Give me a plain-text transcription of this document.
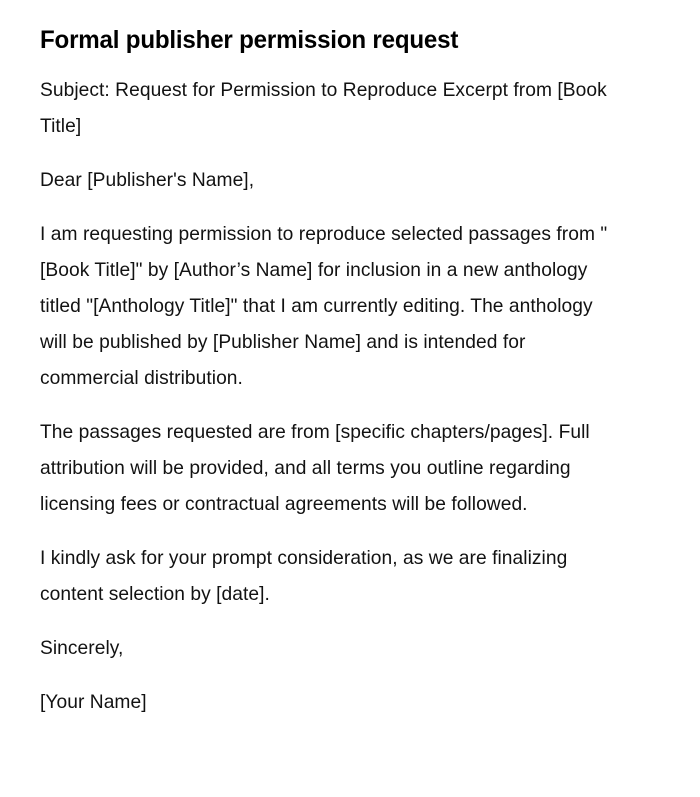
Formal publisher permission request

Subject: Request for Permission to Reproduce Excerpt from [Book Title]

Dear [Publisher's Name],

I am requesting permission to reproduce selected passages from "[Book Title]" by [Author’s Name] for inclusion in a new anthology titled "[Anthology Title]" that I am currently editing. The anthology will be published by [Publisher Name] and is intended for commercial distribution.

The passages requested are from [specific chapters/pages]. Full attribution will be provided, and all terms you outline regarding licensing fees or contractual agreements will be followed.

I kindly ask for your prompt consideration, as we are finalizing content selection by [date].

Sincerely,

[Your Name]
